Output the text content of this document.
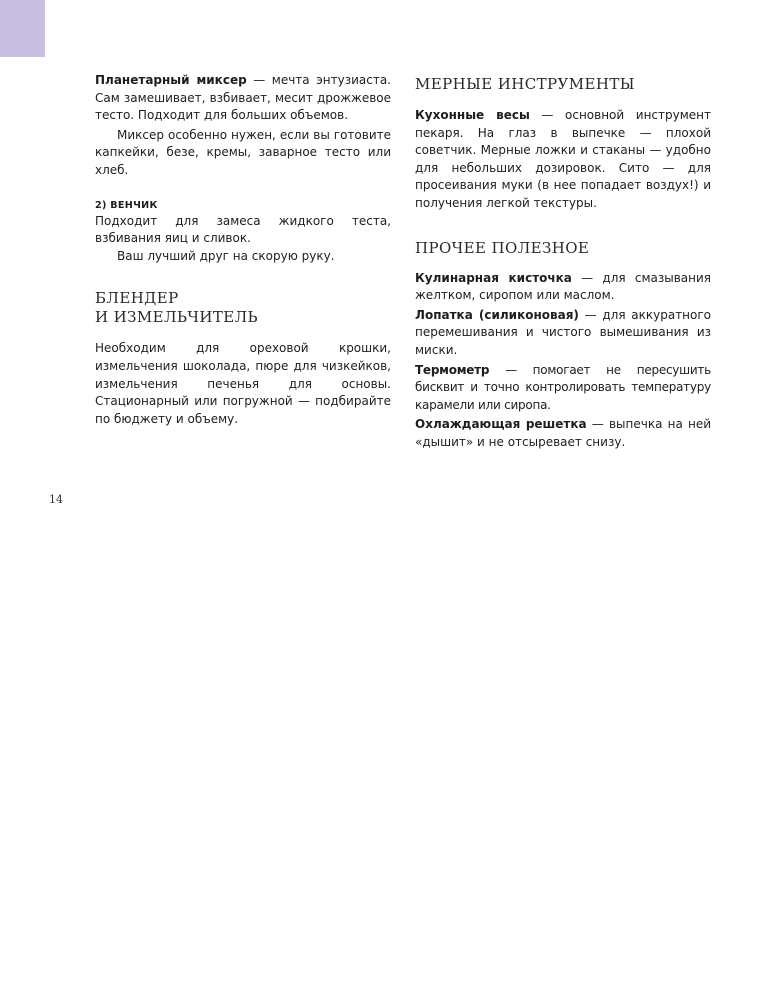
Планетарный миксер — мечта энтузиаста. Сам замешивает, взбивает, месит дрожжевое тесто. Подходит для больших объемов.

Миксер особенно нужен, если вы готовите капкейки, безе, кремы, заварное тесто или хлеб.

2) ВЕНЧИК

Подходит для замеса жидкого теста, взбивания яиц и сливок.

Ваш лучший друг на скорую руку.

БЛЕНДЕР
И ИЗМЕЛЬЧИТЕЛЬ

Необходим для ореховой крошки, измельчения шоколада, пюре для чизкейков, измельчения печенья для основы. Стационарный или погружной — подбирайте по бюджету и объему.

МЕРНЫЕ ИНСТРУМЕНТЫ

Кухонные весы — основной инструмент пекаря. На глаз в выпечке — плохой советчик. Мерные ложки и стаканы — удобно для небольших дозировок. Сито — для просеивания муки (в нее попадает воздух!) и получения легкой текстуры.

ПРОЧЕЕ ПОЛЕЗНОЕ

Кулинарная кисточка — для смазывания желтком, сиропом или маслом.

Лопатка (силиконовая) — для аккуратного перемешивания и чистого вымешивания из миски.

Термометр — помогает не пересушить бисквит и точно контролировать температуру карамели или сиропа.

Охлаждающая решетка — выпечка на ней «дышит» и не отсыревает снизу.

14
